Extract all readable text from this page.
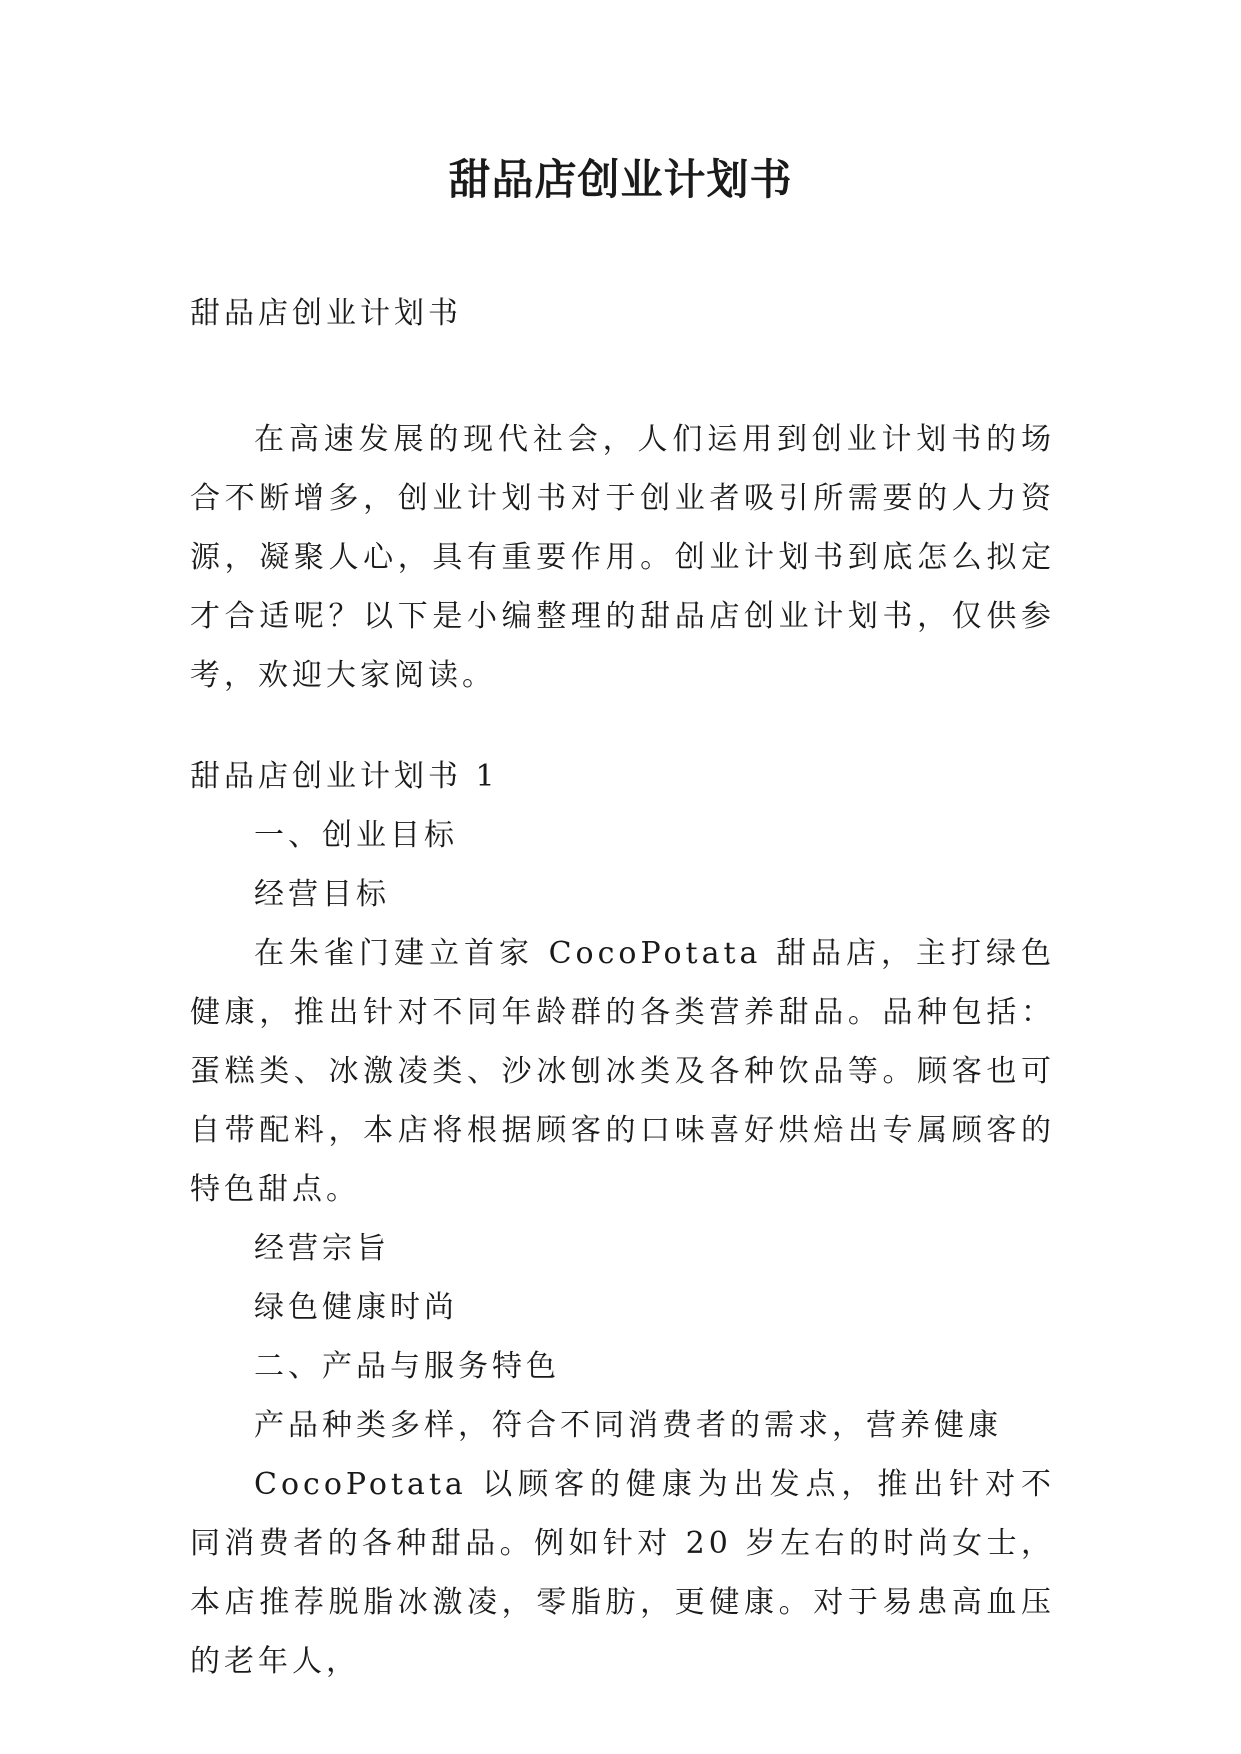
甜品店创业计划书
甜品店创业计划书

在高速发展的现代社会，人们运用到创业计划书的场合不断增多，创业计划书对于创业者吸引所需要的人力资源，凝聚人心，具有重要作用。创业计划书到底怎么拟定才合适呢？以下是小编整理的甜品店创业计划书，仅供参考，欢迎大家阅读。

甜品店创业计划书 1

一、创业目标

经营目标

在朱雀门建立首家 CocoPotata 甜品店，主打绿色健康，推出针对不同年龄群的各类营养甜品。品种包括：蛋糕类、冰激凌类、沙冰刨冰类及各种饮品等。顾客也可自带配料，本店将根据顾客的口味喜好烘焙出专属顾客的特色甜点。

经营宗旨

绿色健康时尚

二、产品与服务特色

产品种类多样，符合不同消费者的需求，营养健康

CocoPotata 以顾客的健康为出发点，推出针对不同消费者的各种甜品。例如针对 20 岁左右的时尚女士，本店推荐脱脂冰激凌，零脂肪，更健康。对于易患高血压的老年人，
